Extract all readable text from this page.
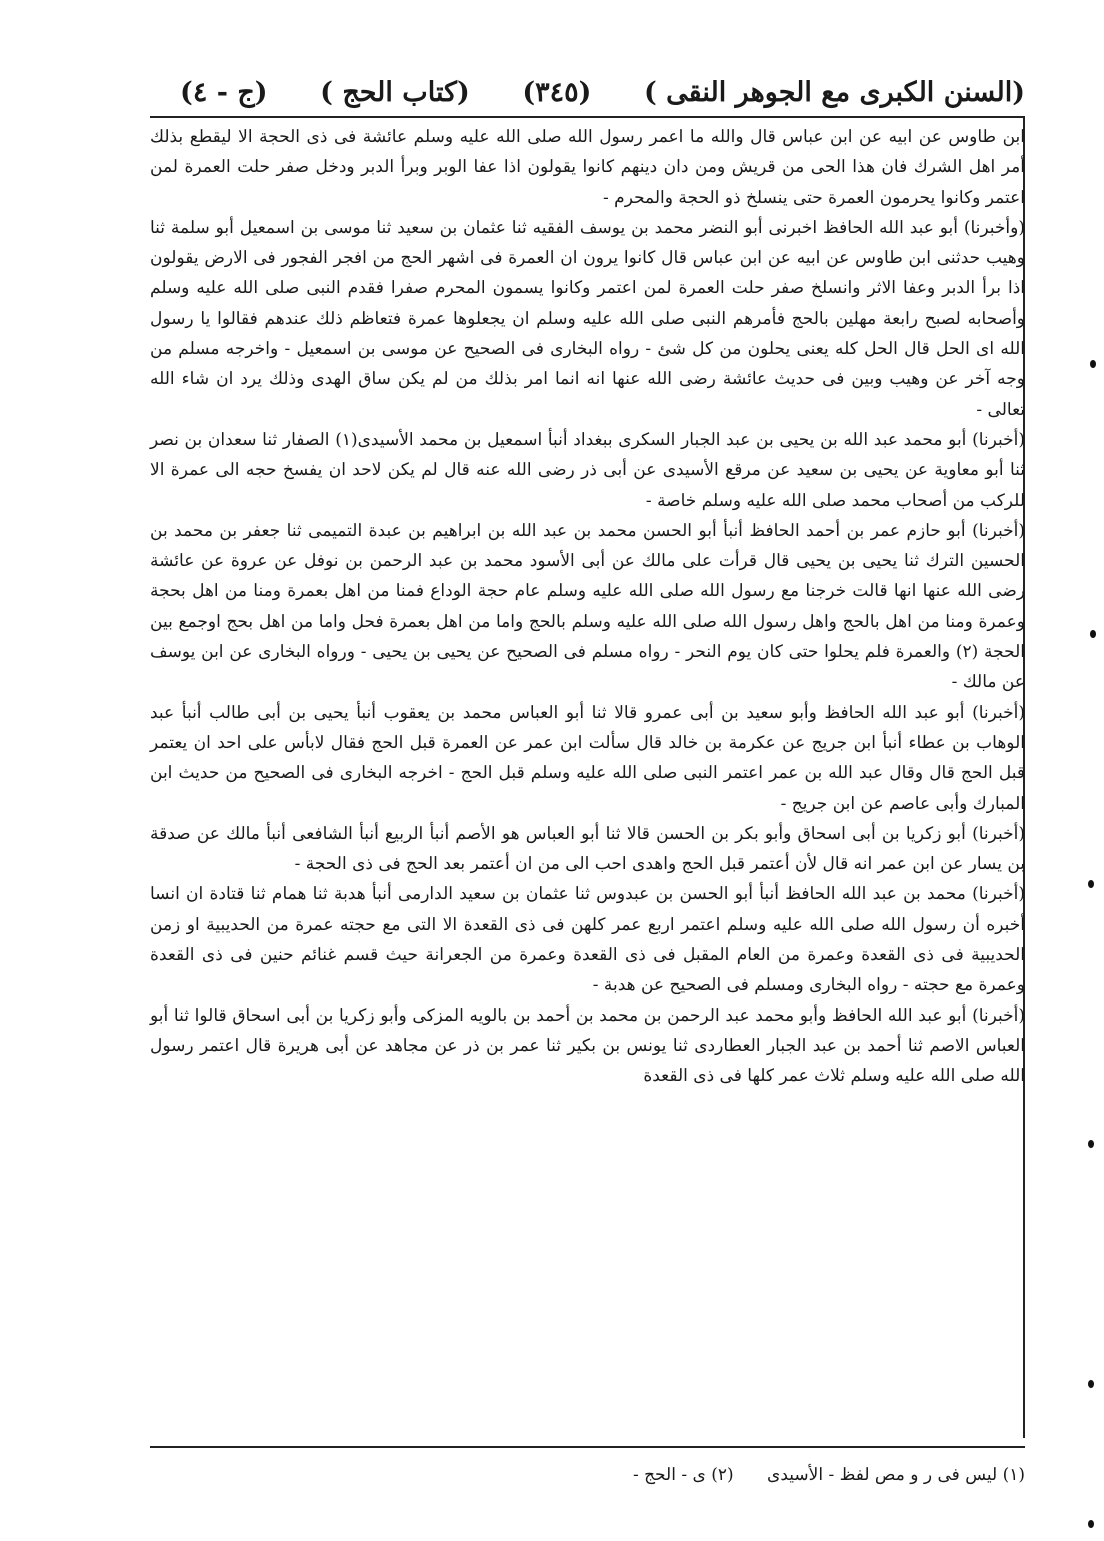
(السنن الكبرى مع الجوهر النقى )
(٣٤٥)
(كتاب الحج )
(ج - ٤)

ابن طاوس عن ابيه عن ابن عباس قال والله ما اعمر رسول الله صلى الله عليه وسلم عائشة فى ذى الحجة الا ليقطع بذلك أمر اهل الشرك فان هذا الحى من قريش ومن دان دينهم كانوا يقولون اذا عفا الوبر وبرأ الدبر ودخل صفر حلت العمرة لمن اعتمر وكانوا يحرمون العمرة حتى ينسلخ ذو الحجة والمحرم -

(وأخبرنا) أبو عبد الله الحافظ اخبرنى أبو النضر محمد بن يوسف الفقيه ثنا عثمان بن سعيد ثنا موسى بن اسمعيل أبو سلمة ثنا وهيب حدثنى ابن طاوس عن ابيه عن ابن عباس قال كانوا يرون ان العمرة فى اشهر الحج من افجر الفجور فى الارض يقولون اذا برأ الدبر وعفا الاثر وانسلخ صفر حلت العمرة لمن اعتمر وكانوا يسمون المحرم صفرا فقدم النبى صلى الله عليه وسلم وأصحابه لصبح رابعة مهلين بالحج فأمرهم النبى صلى الله عليه وسلم ان يجعلوها عمرة فتعاظم ذلك عندهم فقالوا يا رسول الله اى الحل قال الحل كله يعنى يحلون من كل شئ - رواه البخارى فى الصحيح عن موسى بن اسمعيل - واخرجه مسلم من وجه آخر عن وهيب وبين فى حديث عائشة رضى الله عنها انه انما امر بذلك من لم يكن ساق الهدى وذلك يرد ان شاء الله تعالى -

(أخبرنا) أبو محمد عبد الله بن يحيى بن عبد الجبار السكرى ببغداد أنبأ اسمعيل بن محمد الأسيدى(١) الصفار ثنا سعدان بن نصر ثنا أبو معاوية عن يحيى بن سعيد عن مرقع الأسيدى عن أبى ذر رضى الله عنه قال لم يكن لاحد ان يفسخ حجه الى عمرة الا للركب من أصحاب محمد صلى الله عليه وسلم خاصة -

(أخبرنا) أبو حازم عمر بن أحمد الحافظ أنبأ أبو الحسن محمد بن عبد الله بن ابراهيم بن عبدة التميمى ثنا جعفر بن محمد بن الحسين الترك ثنا يحيى بن يحيى قال قرأت على مالك عن أبى الأسود محمد بن عبد الرحمن بن نوفل عن عروة عن عائشة رضى الله عنها انها قالت خرجنا مع رسول الله صلى الله عليه وسلم عام حجة الوداع فمنا من اهل بعمرة ومنا من اهل بحجة وعمرة ومنا من اهل بالحج واهل رسول الله صلى الله عليه وسلم بالحج واما من اهل بعمرة فحل واما من اهل بحج اوجمع بين الحجة (٢) والعمرة فلم يحلوا حتى كان يوم النحر - رواه مسلم فى الصحيح عن يحيى بن يحيى - ورواه البخارى عن ابن يوسف عن مالك -

(أخبرنا) أبو عبد الله الحافظ وأبو سعيد بن أبى عمرو قالا ثنا أبو العباس محمد بن يعقوب أنبأ يحيى بن أبى طالب أنبأ عبد الوهاب بن عطاء أنبأ ابن جريج عن عكرمة بن خالد قال سألت ابن عمر عن العمرة قبل الحج فقال لابأس على احد ان يعتمر قبل الحج قال وقال عبد الله بن عمر اعتمر النبى صلى الله عليه وسلم قبل الحج - اخرجه البخارى فى الصحيح من حديث ابن المبارك وأبى عاصم عن ابن جريج -

(أخبرنا) أبو زكريا بن أبى اسحاق وأبو بكر بن الحسن قالا ثنا أبو العباس هو الأصم أنبأ الربيع أنبأ الشافعى أنبأ مالك عن صدقة بن يسار عن ابن عمر انه قال لأن أعتمر قبل الحج واهدى احب الى من ان أعتمر بعد الحج فى ذى الحجة -

(أخبرنا) محمد بن عبد الله الحافظ أنبأ أبو الحسن بن عبدوس ثنا عثمان بن سعيد الدارمى أنبأ هدبة ثنا همام ثنا قتادة ان انسا أخبره أن رسول الله صلى الله عليه وسلم اعتمر اربع عمر كلهن فى ذى القعدة الا التى مع حجته عمرة من الحديبية او زمن الحديبية فى ذى القعدة وعمرة من العام المقبل فى ذى القعدة وعمرة من الجعرانة حيث قسم غنائم حنين فى ذى القعدة وعمرة مع حجته - رواه البخارى ومسلم فى الصحيح عن هدبة -

(أخبرنا) أبو عبد الله الحافظ وأبو محمد عبد الرحمن بن محمد بن أحمد بن بالويه المزكى وأبو زكريا بن أبى اسحاق قالوا ثنا أبو العباس الاصم ثنا أحمد بن عبد الجبار العطاردى ثنا يونس بن بكير ثنا عمر بن ذر عن مجاهد عن أبى هريرة قال اعتمر رسول الله صلى الله عليه وسلم ثلاث عمر كلها فى ذى القعدة

(١) ليس فى ر و مص لفظ - الأسيدى (٢) ى - الحج -
